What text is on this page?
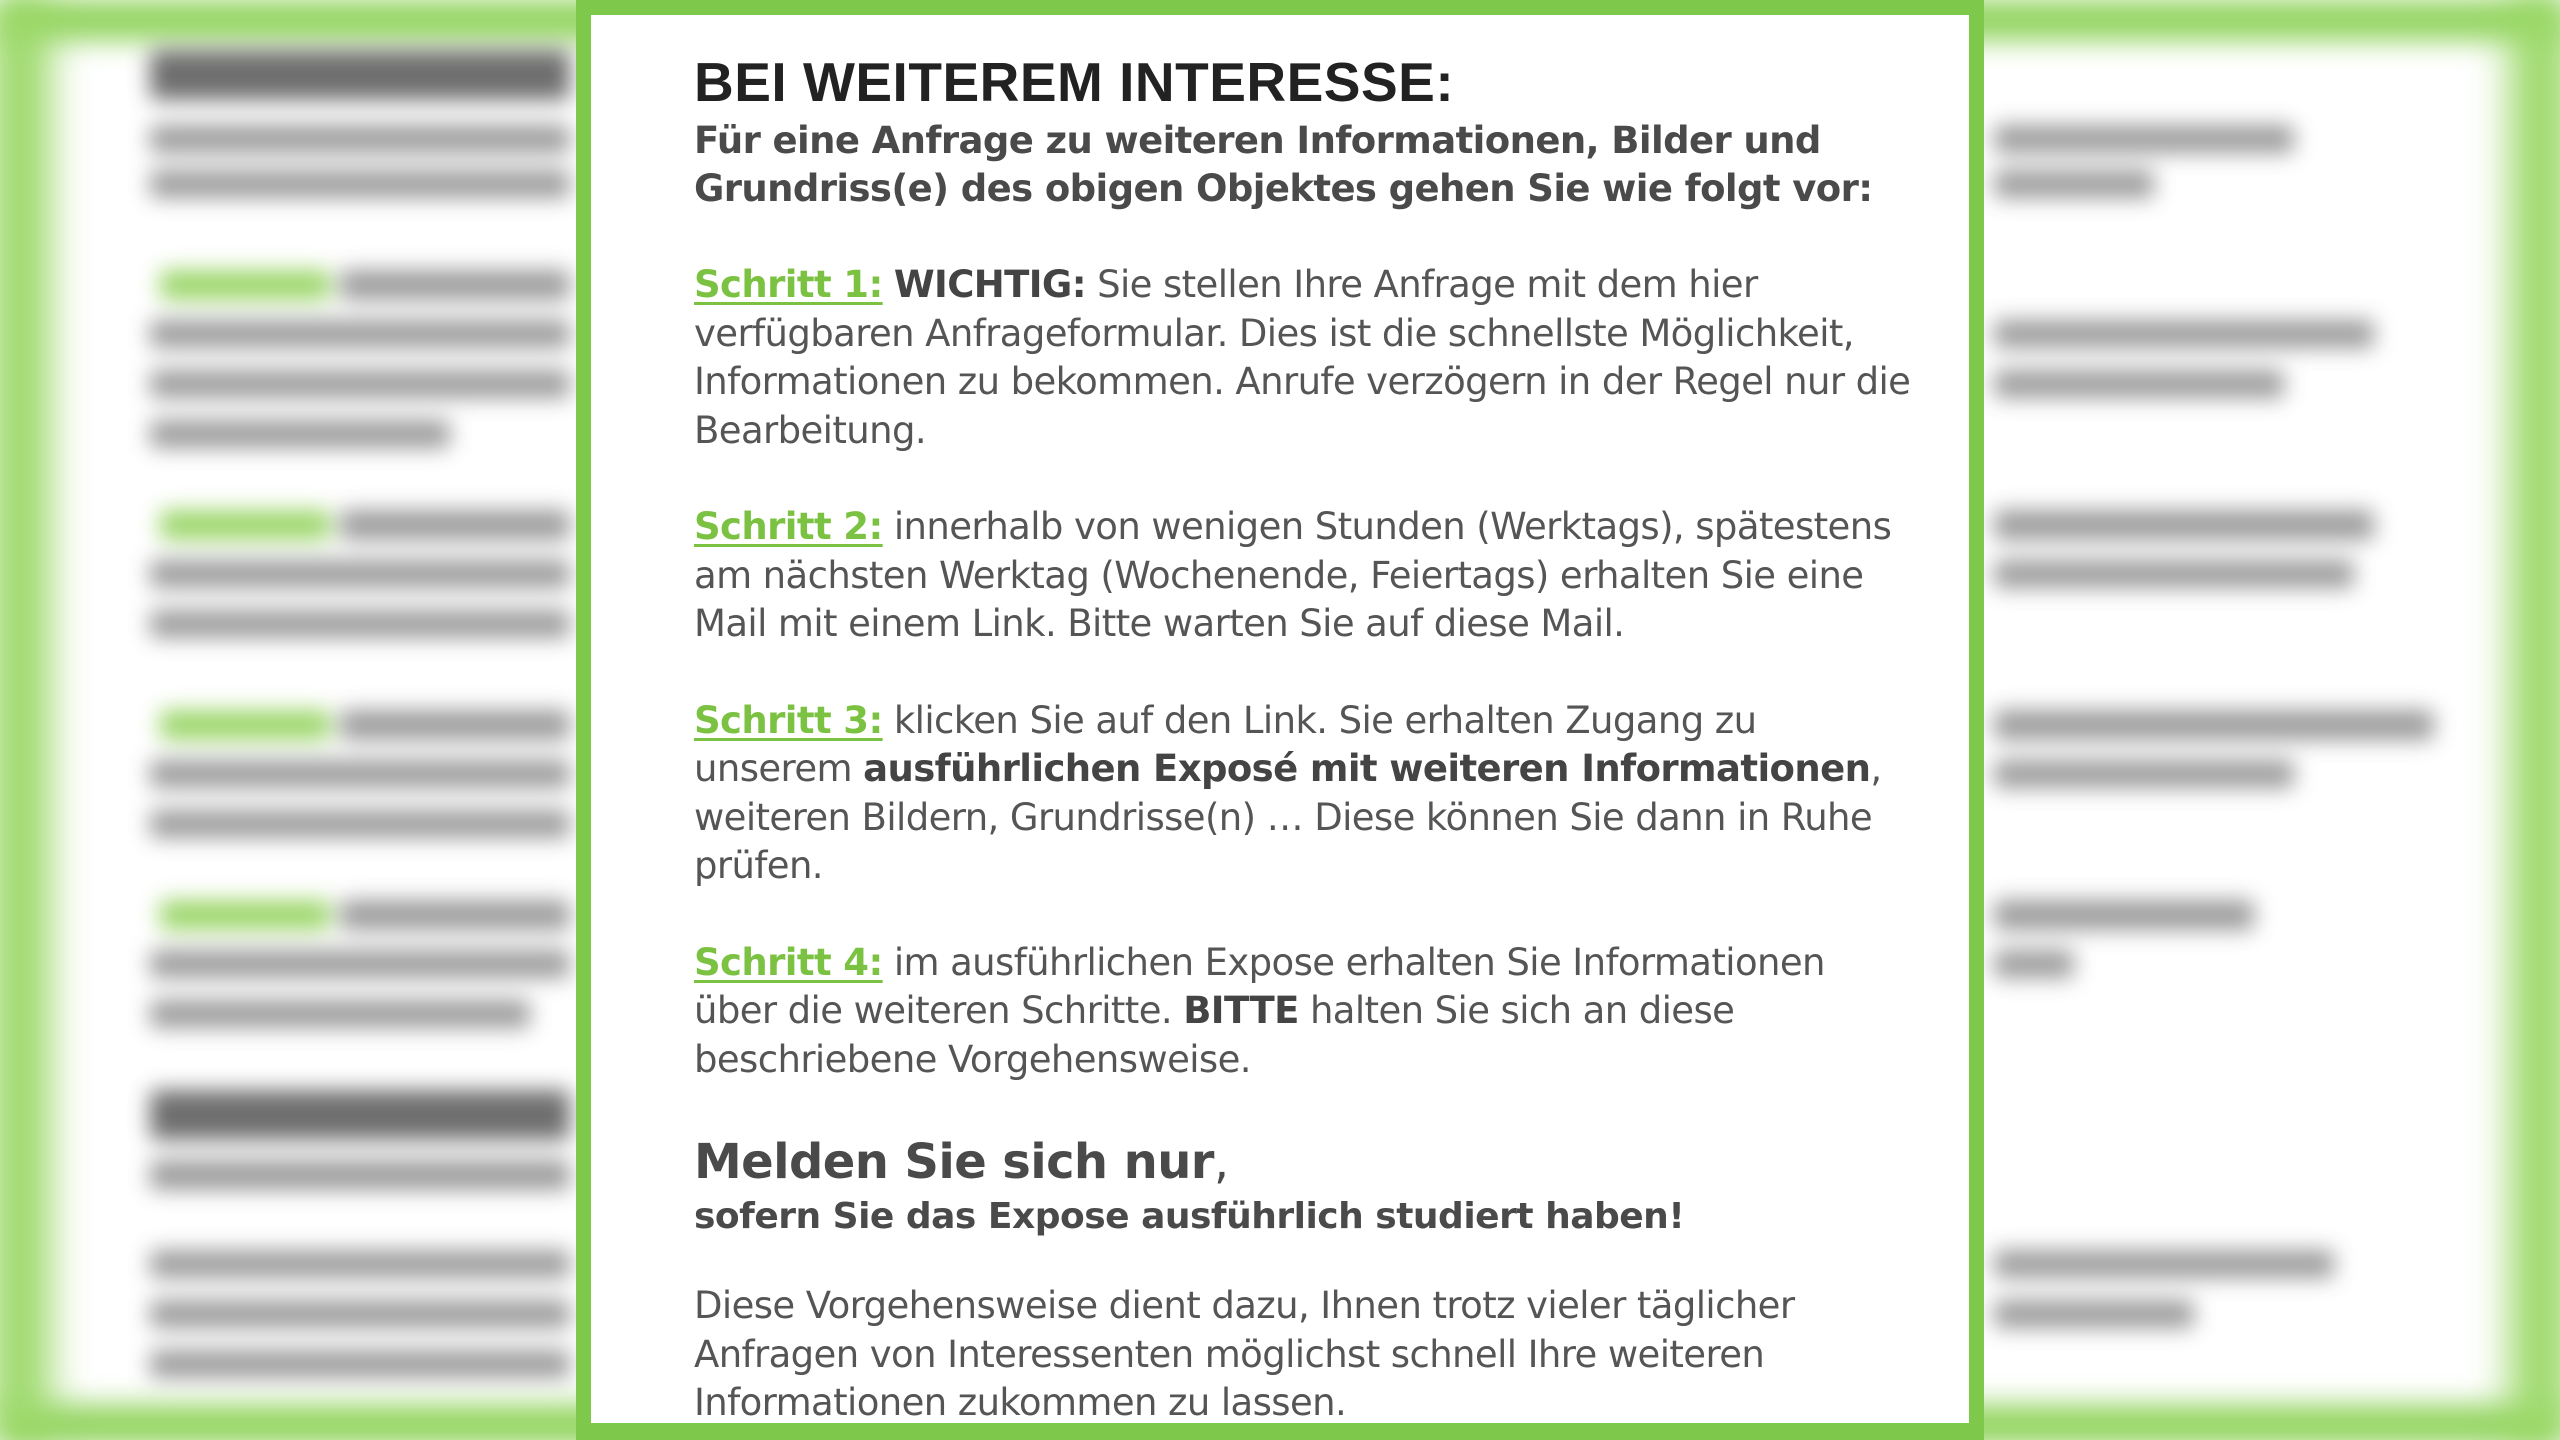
BEI WEITEREM INTERESSE:

Für eine Anfrage zu weiteren Informationen, Bilder und Grundriss(e) des obigen Objektes gehen Sie wie folgt vor:

Schritt 1: WICHTIG: Sie stellen Ihre Anfrage mit dem hier verfügbaren Anfrageformular. Dies ist die schnellste Möglichkeit, Informationen zu bekommen. Anrufe verzögern in der Regel nur die Bearbeitung.

Schritt 2: innerhalb von wenigen Stunden (Werktags), spätestens am nächsten Werktag (Wochenende, Feiertags) erhalten Sie eine Mail mit einem Link. Bitte warten Sie auf diese Mail.

Schritt 3: klicken Sie auf den Link. Sie erhalten Zugang zu unserem ausführlichen Exposé mit weiteren Informationen, weiteren Bildern, Grundrisse(n) … Diese können Sie dann in Ruhe prüfen.

Schritt 4: im ausführlichen Expose erhalten Sie Informationen über die weiteren Schritte. BITTE halten Sie sich an diese beschriebene Vorgehensweise.

Melden Sie sich nur,

sofern Sie das Expose ausführlich studiert haben!

Diese Vorgehensweise dient dazu, Ihnen trotz vieler täglicher Anfragen von Interessenten möglichst schnell Ihre weiteren Informationen zukommen zu lassen.
